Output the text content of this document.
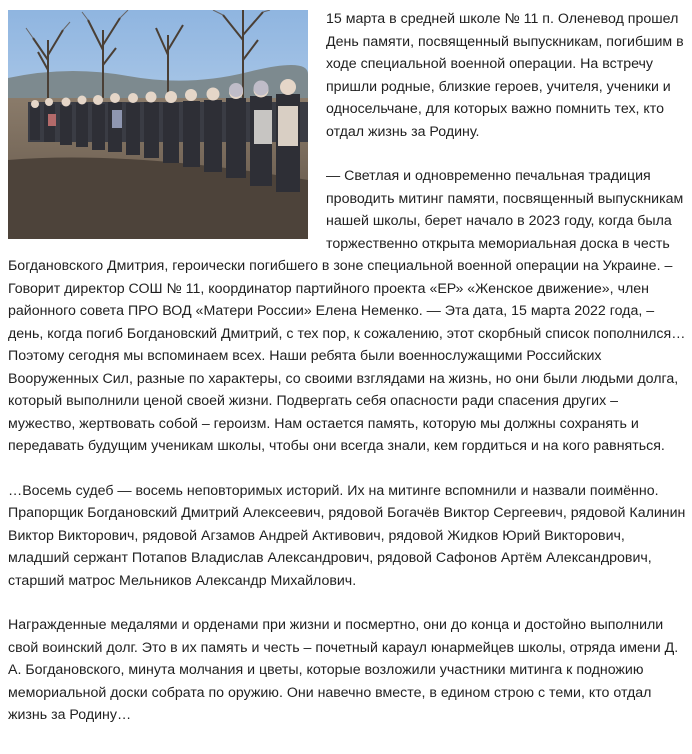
15 марта в средней школе № 11 п. Оленевод прошел День памяти, посвященный выпускникам, погибшим в ходе специальной военной операции. На встречу пришли родные, близкие героев, учителя, ученики и односельчане, для которых важно помнить тех, кто отдал жизнь за Родину.

— Светлая и одновременно печальная традиция проводить митинг памяти, посвященный выпускникам нашей школы, берет начало в 2023 году, когда была торжественно открыта мемориальная доска в честь Богдановского Дмитрия, героически погибшего в зоне специальной военной операции на Украине. – Говорит директор СОШ № 11, координатор партийного проекта «ЕР» «Женское движение», член районного совета ПРО ВОД «Матери России» Елена Неменко. — Эта дата, 15 марта 2022 года, – день, когда погиб Богдановский Дмитрий, с тех пор, к сожалению, этот скорбный список пополнился… Поэтому сегодня мы вспоминаем всех. Наши ребята были военнослужащими Российских Вооруженных Сил, разные по характеры, со своими взглядами на жизнь, но они были людьми долга, который выполнили ценой своей жизни. Подвергать себя опасности ради спасения других – мужество, жертвовать собой – героизм. Нам остается память, которую мы должны сохранять и передавать будущим ученикам школы, чтобы они всегда знали, кем гордиться и на кого равняться.

…Восемь судеб — восемь неповторимых историй. Их на митинге вспомнили и назвали поимённо. Прапорщик Богдановский Дмитрий Алексеевич, рядовой Богачёв Виктор Сергеевич, рядовой Калинин Виктор Викторович, рядовой Агзамов Андрей Активович, рядовой Жидков Юрий Викторович, младший сержант Потапов Владислав Александрович, рядовой Сафонов Артём Александрович, старший матрос Мельников Александр Михайлович.

Награжденные медалями и орденами при жизни и посмертно, они до конца и достойно выполнили свой воинский долг. Это в их память и честь – почетный караул юнармейцев школы, отряда имени Д. А. Богдановского, минута молчания и цветы, которые возложили участники митинга к подножию мемориальной доски собрата по оружию. Они навечно вместе, в едином строю с теми, кто отдал жизнь за Родину…
